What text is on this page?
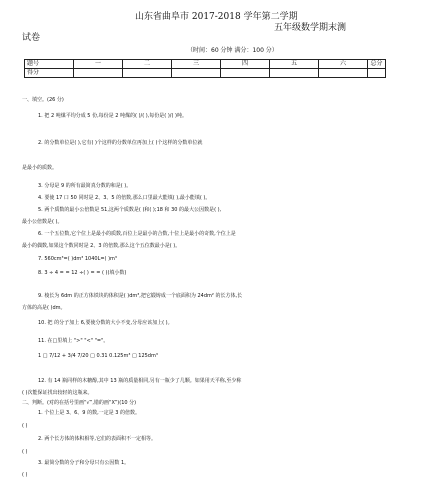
山东省曲阜市 2017-2018 学年第二学期
五年级数学期末测
试卷
（时间：60 分钟 满分：100 分）
题号	一	二	三	四	五	六	总分
得分							
一、填空。(26 分)
1. 把 2 吨煤平均分成 5 份,每份是 2 吨煤的( )/( ),每份是( )/( )吨。
2. 的分数单位是( ),它有( )个这样的分数单位再加上( )个这样的分数单位就
是最小的质数。
3. 分母是 9 的所有最简真分数的和是( )。
4. 要使 17 口 50 同时是 2、3、5 的倍数,那么口里最大能填( ),最小能填( )。
5. 两个质数的最小公倍数是 51,这两个质数是( )和( );18 和 30 的最大公因数是( ),
最小公倍数是( )。
6. 一个五位数,它个位上是最小的质数,百位上是最小的合数,十位上是最小的奇数,个位上是
最小的偶数,如果这个数同时是 2、3 的倍数,那么这个五位数最小是( )。
7. 560cm³=( )dm³ 1040L=( )m³
8. 3 ÷ 4 = = 12 ÷( ) = = ( )(填小数)
9. 棱长为 6dm 的正方体铁块的体积是( )dm³,把它锻铸成一个底面积为 24dm² 的长方体,长
方体的高是( )dm。
10. 把 的分子加上 6,要使分数的大小不变,分母应该加上( )。
11. 在□里填上 ">" "<" "="。
1 □ 7/12 + 3/4 7/20 □ 0.31 0.125m³ □ 125dm³
12. 有 14 瓶同样的木糖醇,其中 13 瓶的质量相同,另有一瓶少了几颗。如果用天平称,至少称
( )次能保证找出较轻的这瓶来。
二、判断。(对的在括号里画“√”,错的画“X”)(10 分)
1. 个位上是 3、6、9 的数,一定是 3 的倍数。
( )
2. 两个长方体的体积相等,它们的表面积不一定相等。
( )
3. 最简分数的分子和分母只有公因数 1。
( )
